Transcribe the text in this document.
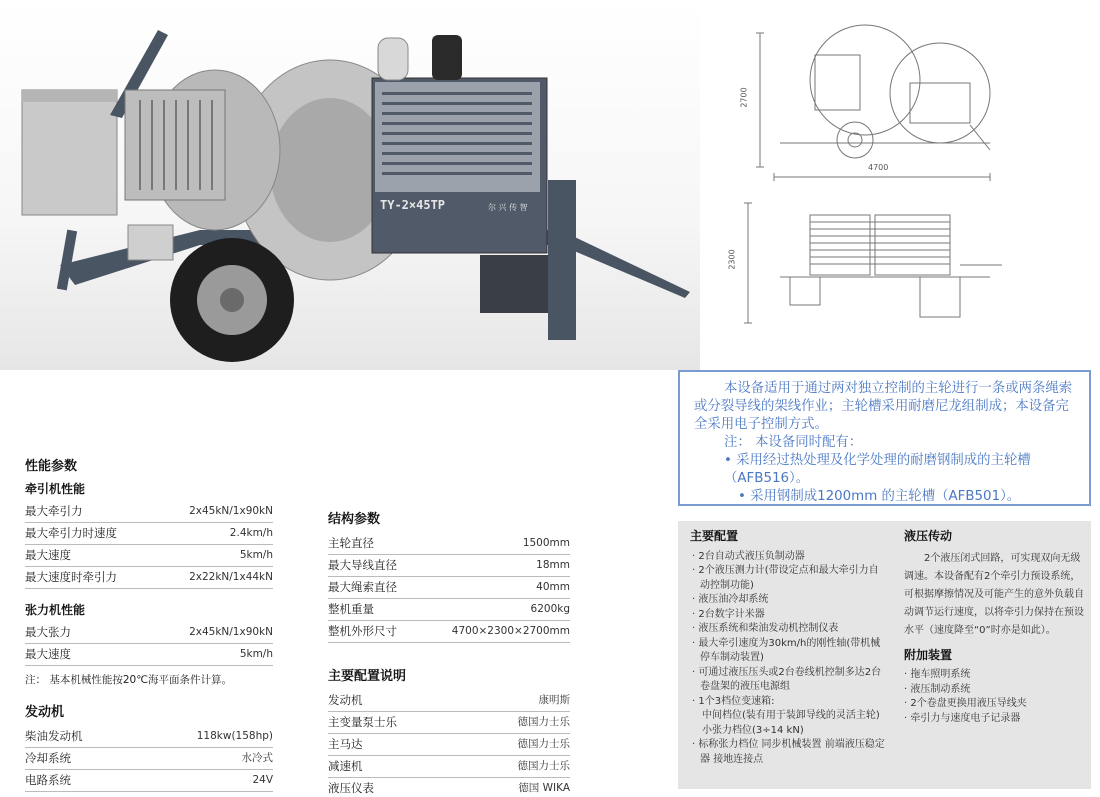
TY-2×45TP	尔 兴 传 智
2700
4700
2300

本设备适用于通过两对独立控制的主轮进行一条或两条绳索或分裂导线的架线作业；主轮槽采用耐磨尼龙组制成；本设备完全采用电子控制方式。

注： 本设备同时配有：

• 采用经过热处理及化学处理的耐磨钢制成的主轮槽（AFB516）。

• 采用钢制成1200mm 的主轮槽（AFB501）。

性能参数
牵引机性能
最大牵引力	2x45kN/1x90kN
最大牵引力时速度	2.4km/h
最大速度	5km/h
最大速度时牵引力	2x22kN/1x44kN
张力机性能
最大张力	2x45kN/1x90kN
最大速度	5km/h
注： 基本机械性能按20℃海平面条件计算。
发动机
柴油发动机	118kw(158hp)
冷却系统	水冷式
电路系统	24V
结构参数
主轮直径	1500mm
最大导线直径	18mm
最大绳索直径	40mm
整机重量	6200kg
整机外形尺寸	4700×2300×2700mm
主要配置说明
发动机	康明斯
主变量泵士乐	德国力士乐
主马达	德国力士乐
减速机	德国力士乐
液压仪表	德国 WIKA
主要配置
· 2台自动式液压负制动器
· 2个液压测力计(带设定点和最大牵引力自动控制功能)
· 液压油冷却系统
· 2台数字计米器
· 液压系统和柴油发动机控制仪表
· 最大牵引速度为30km/h的刚性轴(带机械停车制动装置)
· 可通过液压压头或2台卷线机控制多达2台卷盘架的液压电源组
· 1个3档位变速箱:
中间档位(装有用于装卸导线的灵活主轮)
小张力档位(3÷14 kN)
· 标称张力档位 同步机械装置 前端液压稳定器 接地连接点
液压传动
2个液压闭式回路，可实现双向无级调速。本设备配有2个牵引力预设系统，可根据摩擦情况及可能产生的意外负载自动调节运行速度，以将牵引力保持在预设水平（速度降至“0”时亦是如此）。
附加装置
· 拖车照明系统
· 液压制动系统
· 2个卷盘更换用液压导线夹
· 牵引力与速度电子记录器
